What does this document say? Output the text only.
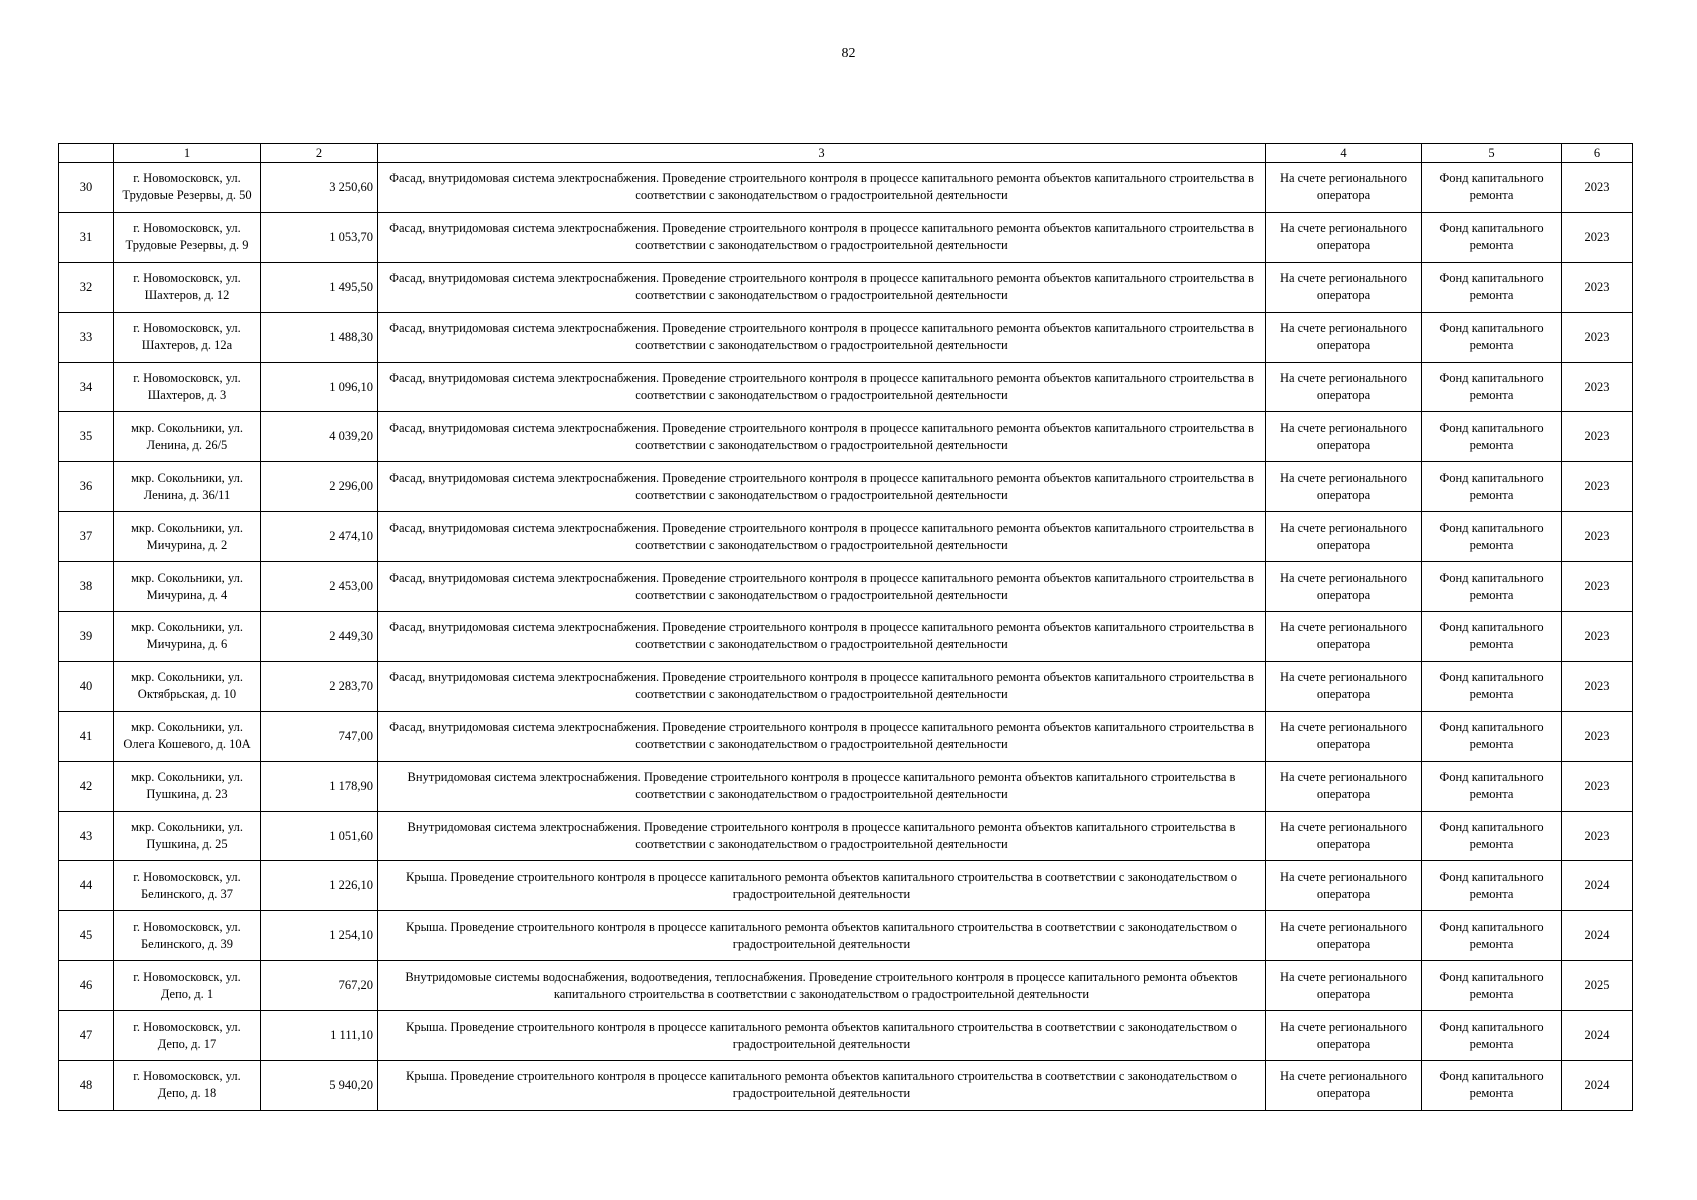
82
	1	2	3	4	5	6
30	г. Новомосковск, ул. Трудовые Резервы, д. 50	3 250,60	Фасад, внутридомовая система электроснабжения. Проведение строительного контроля в процессе капитального ремонта объектов капитального строительства в соответствии с законодательством о градостроительной деятельности	На счете регионального оператора	Фонд капитального ремонта	2023
31	г. Новомосковск, ул. Трудовые Резервы, д. 9	1 053,70	Фасад, внутридомовая система электроснабжения. Проведение строительного контроля в процессе капитального ремонта объектов капитального строительства в соответствии с законодательством о градостроительной деятельности	На счете регионального оператора	Фонд капитального ремонта	2023
32	г. Новомосковск, ул. Шахтеров, д. 12	1 495,50	Фасад, внутридомовая система электроснабжения. Проведение строительного контроля в процессе капитального ремонта объектов капитального строительства в соответствии с законодательством о градостроительной деятельности	На счете регионального оператора	Фонд капитального ремонта	2023
33	г. Новомосковск, ул. Шахтеров, д. 12а	1 488,30	Фасад, внутридомовая система электроснабжения. Проведение строительного контроля в процессе капитального ремонта объектов капитального строительства в соответствии с законодательством о градостроительной деятельности	На счете регионального оператора	Фонд капитального ремонта	2023
34	г. Новомосковск, ул. Шахтеров, д. 3	1 096,10	Фасад, внутридомовая система электроснабжения. Проведение строительного контроля в процессе капитального ремонта объектов капитального строительства в соответствии с законодательством о градостроительной деятельности	На счете регионального оператора	Фонд капитального ремонта	2023
35	мкр. Сокольники, ул. Ленина, д. 26/5	4 039,20	Фасад, внутридомовая система электроснабжения. Проведение строительного контроля в процессе капитального ремонта объектов капитального строительства в соответствии с законодательством о градостроительной деятельности	На счете регионального оператора	Фонд капитального ремонта	2023
36	мкр. Сокольники, ул. Ленина, д. 36/11	2 296,00	Фасад, внутридомовая система электроснабжения. Проведение строительного контроля в процессе капитального ремонта объектов капитального строительства в соответствии с законодательством о градостроительной деятельности	На счете регионального оператора	Фонд капитального ремонта	2023
37	мкр. Сокольники, ул. Мичурина, д. 2	2 474,10	Фасад, внутридомовая система электроснабжения. Проведение строительного контроля в процессе капитального ремонта объектов капитального строительства в соответствии с законодательством о градостроительной деятельности	На счете регионального оператора	Фонд капитального ремонта	2023
38	мкр. Сокольники, ул. Мичурина, д. 4	2 453,00	Фасад, внутридомовая система электроснабжения. Проведение строительного контроля в процессе капитального ремонта объектов капитального строительства в соответствии с законодательством о градостроительной деятельности	На счете регионального оператора	Фонд капитального ремонта	2023
39	мкр. Сокольники, ул. Мичурина, д. 6	2 449,30	Фасад, внутридомовая система электроснабжения. Проведение строительного контроля в процессе капитального ремонта объектов капитального строительства в соответствии с законодательством о градостроительной деятельности	На счете регионального оператора	Фонд капитального ремонта	2023
40	мкр. Сокольники, ул. Октябрьская, д. 10	2 283,70	Фасад, внутридомовая система электроснабжения. Проведение строительного контроля в процессе капитального ремонта объектов капитального строительства в соответствии с законодательством о градостроительной деятельности	На счете регионального оператора	Фонд капитального ремонта	2023
41	мкр. Сокольники, ул. Олега Кошевого, д. 10А	747,00	Фасад, внутридомовая система электроснабжения. Проведение строительного контроля в процессе капитального ремонта объектов капитального строительства в соответствии с законодательством о градостроительной деятельности	На счете регионального оператора	Фонд капитального ремонта	2023
42	мкр. Сокольники, ул. Пушкина, д. 23	1 178,90	Внутридомовая система электроснабжения. Проведение строительного контроля в процессе капитального ремонта объектов капитального строительства в соответствии с законодательством о градостроительной деятельности	На счете регионального оператора	Фонд капитального ремонта	2023
43	мкр. Сокольники, ул. Пушкина, д. 25	1 051,60	Внутридомовая система электроснабжения. Проведение строительного контроля в процессе капитального ремонта объектов капитального строительства в соответствии с законодательством о градостроительной деятельности	На счете регионального оператора	Фонд капитального ремонта	2023
44	г. Новомосковск, ул. Белинского, д. 37	1 226,10	Крыша. Проведение строительного контроля в процессе капитального ремонта объектов капитального строительства в соответствии с законодательством о градостроительной деятельности	На счете регионального оператора	Фонд капитального ремонта	2024
45	г. Новомосковск, ул. Белинского, д. 39	1 254,10	Крыша. Проведение строительного контроля в процессе капитального ремонта объектов капитального строительства в соответствии с законодательством о градостроительной деятельности	На счете регионального оператора	Фонд капитального ремонта	2024
46	г. Новомосковск, ул. Депо, д. 1	767,20	Внутридомовые системы водоснабжения, водоотведения, теплоснабжения. Проведение строительного контроля в процессе капитального ремонта объектов капитального строительства в соответствии с законодательством о градостроительной деятельности	На счете регионального оператора	Фонд капитального ремонта	2025
47	г. Новомосковск, ул. Депо, д. 17	1 111,10	Крыша. Проведение строительного контроля в процессе капитального ремонта объектов капитального строительства в соответствии с законодательством о градостроительной деятельности	На счете регионального оператора	Фонд капитального ремонта	2024
48	г. Новомосковск, ул. Депо, д. 18	5 940,20	Крыша. Проведение строительного контроля в процессе капитального ремонта объектов капитального строительства в соответствии с законодательством о градостроительной деятельности	На счете регионального оператора	Фонд капитального ремонта	2024
